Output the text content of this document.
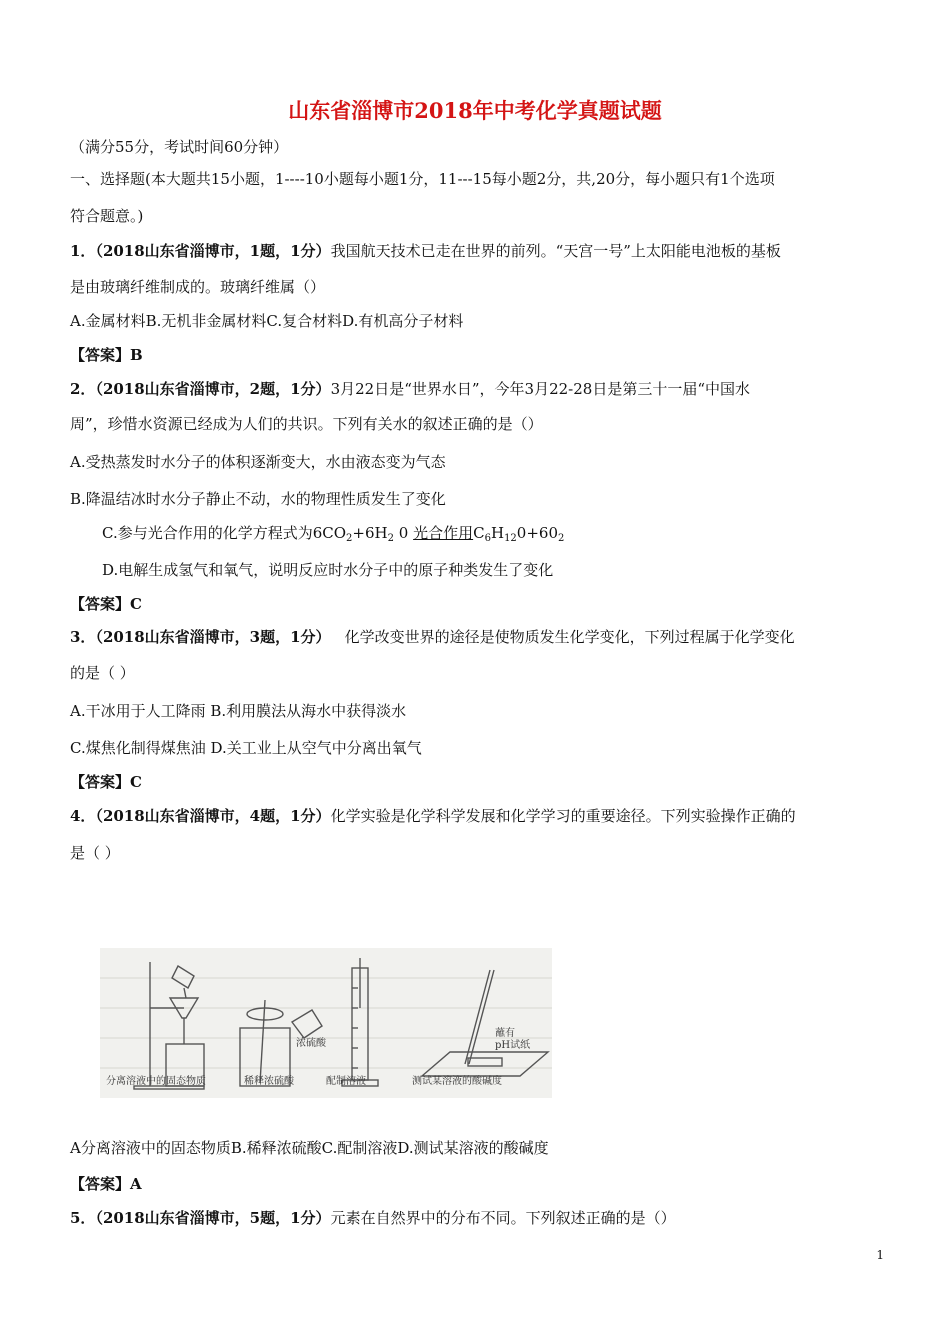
山东省淄博市2018年中考化学真题试题
（满分55分，考试时间60分钟）
一、选择题(本大题共15小题，1----10小题每小题1分，11---15每小题2分，共,20分，每小题只有1个选项
符合题意。)
1．（2018山东省淄博市，1题，1分）我国航天技术已走在世界的前列。“天宫一号”上太阳能电池板的基板
是由玻璃纤维制成的。玻璃纤维属（）
A.金属材料B.无机非金属材料C.复合材料D.有机高分子材料
【答案】B
2．（2018山东省淄博市，2题，1分）3月22日是“世界水日”，今年3月22-28日是第三十一届“中国水
周”，珍惜水资源已经成为人们的共识。下列有关水的叙述正确的是（）
A.受热蒸发时水分子的体积逐渐变大，水由液态变为气态
B.降温结冰时水分子静止不动，水的物理性质发生了变化
C.参与光合作用的化学方程式为$6CO_2+6H_2$ 0 光合作用$C_6H_{12}0+60_2$
D.电解生成氢气和氧气，说明反应时水分子中的原子种类发生了变化
【答案】C
3．（2018山东省淄博市，3题，1分） 化学改变世界的途径是使物质发生化学变化，下列过程属于化学变化
的是（ ）
A.干冰用于人工降雨 B.利用膜法从海水中获得淡水
C.煤焦化制得煤焦油 D.关工业上从空气中分离出氧气
【答案】C
4．（2018山东省淄博市，4题，1分）化学实验是化学科学发展和化学学习的重要途径。下列实验操作正确的
是（ ）
蘸有
pH试纸
浓硫酸
分离溶液中的固态物质	稀释浓硫酸	配制溶液	测试某溶液的酸碱度
A分离溶液中的固态物质B.稀释浓硫酸C.配制溶液D.测试某溶液的酸碱度
【答案】A
5．（2018山东省淄博市，5题，1分）元素在自然界中的分布不同。下列叙述正确的是（）
1
